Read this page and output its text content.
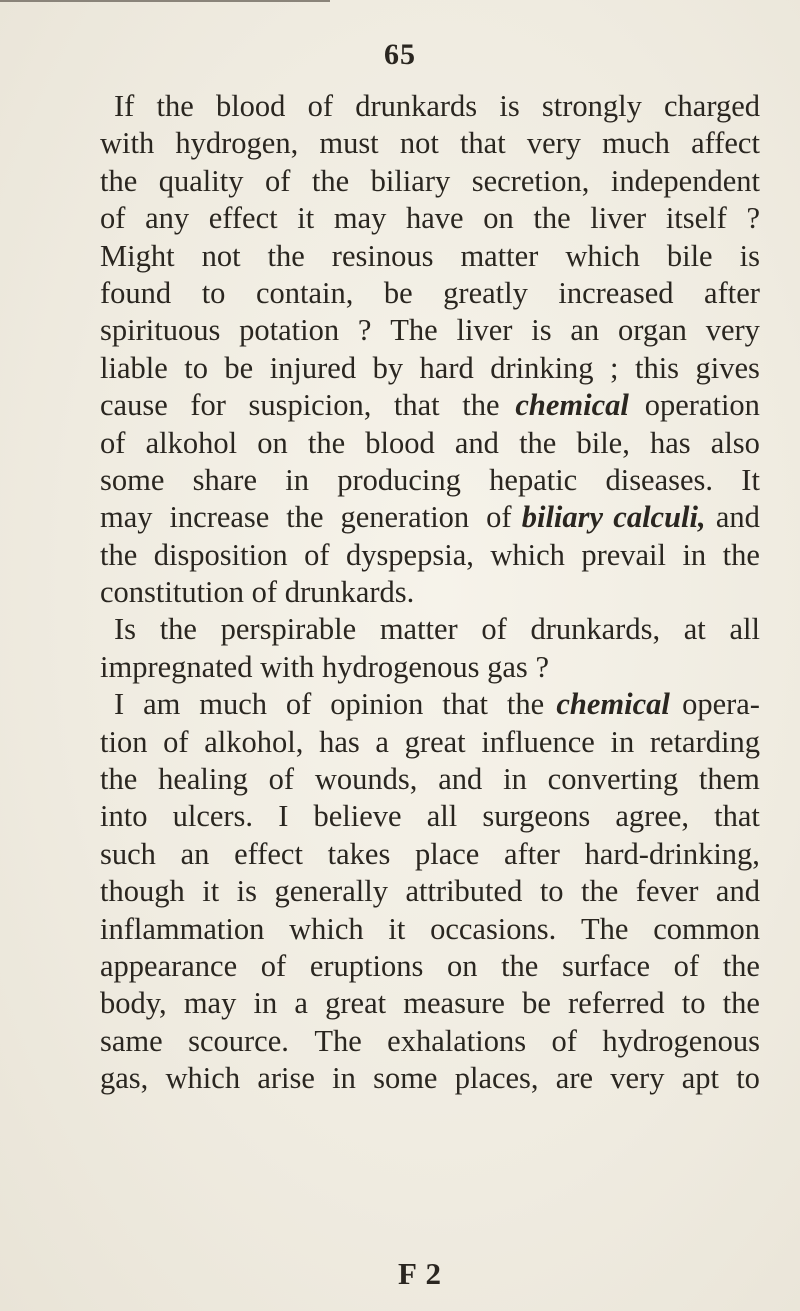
65
If the blood of drunkards is strongly charged
with hydrogen, must not that very much affect
the quality of the biliary secretion, independent
of any effect it may have on the liver itself ?
Might not the resinous matter which bile is
found to contain, be greatly increased after
spirituous potation ? The liver is an organ very
liable to be injured by hard drinking ; this gives
cause for suspicion, that the chemical operation
of alkohol on the blood and the bile, has also
some share in producing hepatic diseases. It
may increase the generation of biliary calculi, and
the disposition of dyspepsia, which prevail in the
constitution of drunkards.
Is the perspirable matter of drunkards, at all
impregnated with hydrogenous gas ?
I am much of opinion that the chemical opera-
tion of alkohol, has a great influence in retarding
the healing of wounds, and in converting them
into ulcers. I believe all surgeons agree, that
such an effect takes place after hard-drinking,
though it is generally attributed to the fever and
inflammation which it occasions. The common
appearance of eruptions on the surface of the
body, may in a great measure be referred to the
same scource. The exhalations of hydrogenous
gas, which arise in some places, are very apt to
F 2
